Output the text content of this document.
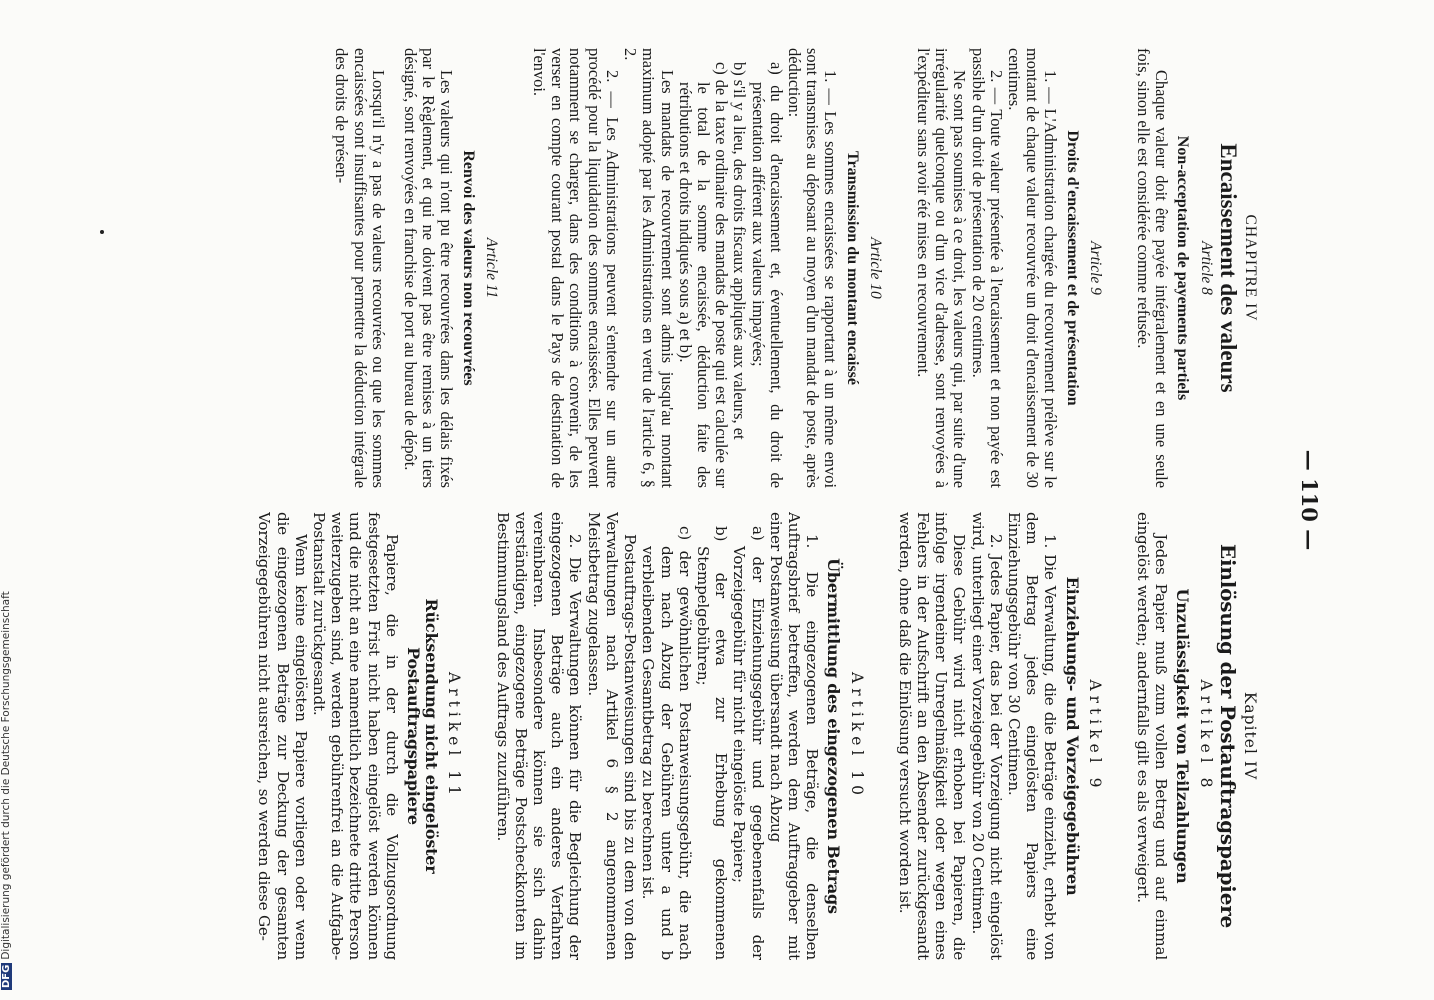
— 110 —
CHAPITRE IV
Encaissement des valeurs
Article 8
Non-acceptation de payements partiels

Chaque valeur doit être payée intégralement et en une seule fois, sinon elle est considérée comme refusée.

Article 9
Droits d'encaissement et de présentation

1. — L'Administration chargée du recouvrement prélève sur le montant de chaque valeur recouvrée un droit d'encaissement de 30 centimes.

2. — Toute valeur présentée à l'encaissement et non payée est passible d'un droit de présentation de 20 centimes.

Ne sont pas soumises à ce droit, les valeurs qui, par suite d'une irrégularité quelconque ou d'un vice d'adresse, sont renvoyées à l'expéditeur sans avoir été mises en recouvrement.

Article 10
Transmission du montant encaissé

1. — Les sommes encaissées se rapportant à un même envoi sont transmises au déposant au moyen d'un mandat de poste, après déduction:

a) du droit d'encaissement et, éventuellement, du droit de présentation afférent aux valeurs impayées;
b) s'il y a lieu, des droits fiscaux appliqués aux valeurs, et
c) de la taxe ordinaire des mandats de poste qui est calculée sur le total de la somme encaissée, déduction faite des rétributions et droits indiqués sous a) et b).

Les mandats de recouvrement sont admis jusqu'au montant maximum adopté par les Administrations en vertu de l'article 6, § 2.

2. — Les Administrations peuvent s'entendre sur un autre procédé pour la liquidation des sommes encaissées. Elles peuvent notamment se charger, dans des conditions à convenir, de les verser en compte courant postal dans le Pays de destination de l'envoi.

Article 11
Renvoi des valeurs non recouvrées

Les valeurs qui n'ont pu être recouvrées dans les délais fixés par le Règlement, et qui ne doivent pas être remises à un tiers désigné, sont renvoyées en franchise de port au bureau de dépôt.

Lorsqu'il n'y a pas de valeurs recouvrées ou que les sommes encaissées sont insuffisantes pour permettre la déduction intégrale des droits de présen-

Kapitel IV
Einlösung der Postauftragspapiere
Artikel 8
Unzulässigkeit von Teilzahlungen

Jedes Papier muß zum vollen Betrag und auf einmal eingelöst werden; andernfalls gilt es als verweigert.

Artikel 9
Einziehungs- und Vorzeigegebühren

1. Die Verwaltung, die die Beträge einzieht, erhebt von dem Betrag jedes eingelösten Papiers eine Einziehungsgebühr von 30 Centimen.

2. Jedes Papier, das bei der Vorzeigung nicht eingelöst wird, unterliegt einer Vorzeigegebühr von 20 Centimen.

Diese Gebühr wird nicht erhoben bei Papieren, die infolge irgendeiner Unregelmäßigkeit oder wegen eines Fehlers in der Aufschrift an den Absender zurückgesandt werden, ohne daß die Einlösung versucht worden ist.

Artikel 10
Übermittlung des eingezogenen Betrags

1. Die eingezogenen Beträge, die denselben Auftragsbrief betreffen, werden dem Auftraggeber mit einer Postanweisung übersandt nach Abzug

a) der Einziehungsgebühr und gegebenenfalls der Vorzeigegebühr für nicht eingelöste Papiere;
b) der etwa zur Erhebung gekommenen Stempelgebühren;
c) der gewöhnlichen Postanweisungsgebühr, die nach dem nach Abzug der Gebühren unter a und b verbleibenden Gesamtbetrag zu berechnen ist.

Postauftrags-Postanweisungen sind bis zu dem von den Verwaltungen nach Artikel 6 § 2 angenommenen Meistbetrag zugelassen.

2. Die Verwaltungen können für die Begleichung der eingezogenen Beträge auch ein anderes Verfahren vereinbaren. Insbesondere können sie sich dahin verständigen, eingezogene Beträge Postscheckkonten im Bestimmungsland des Auftrags zuzuführen.

Artikel 11
Rücksendung nicht eingelöster Postauftragspapiere

Papiere, die in der durch die Vollzugsordnung festgesetzten Frist nicht haben eingelöst werden können und die nicht an eine namentlich bezeichnete dritte Person weiterzugeben sind, werden gebührenfrei an die Aufgabe-Postanstalt zurückgesandt.

Wenn keine eingelösten Papiere vorliegen oder wenn die eingezogenen Beträge zur Deckung der gesamten Vorzeigegebühren nicht ausreichen, so werden diese Ge-

DFGDigitalisierung gefördert durch die Deutsche Forschungsgemeinschaft
